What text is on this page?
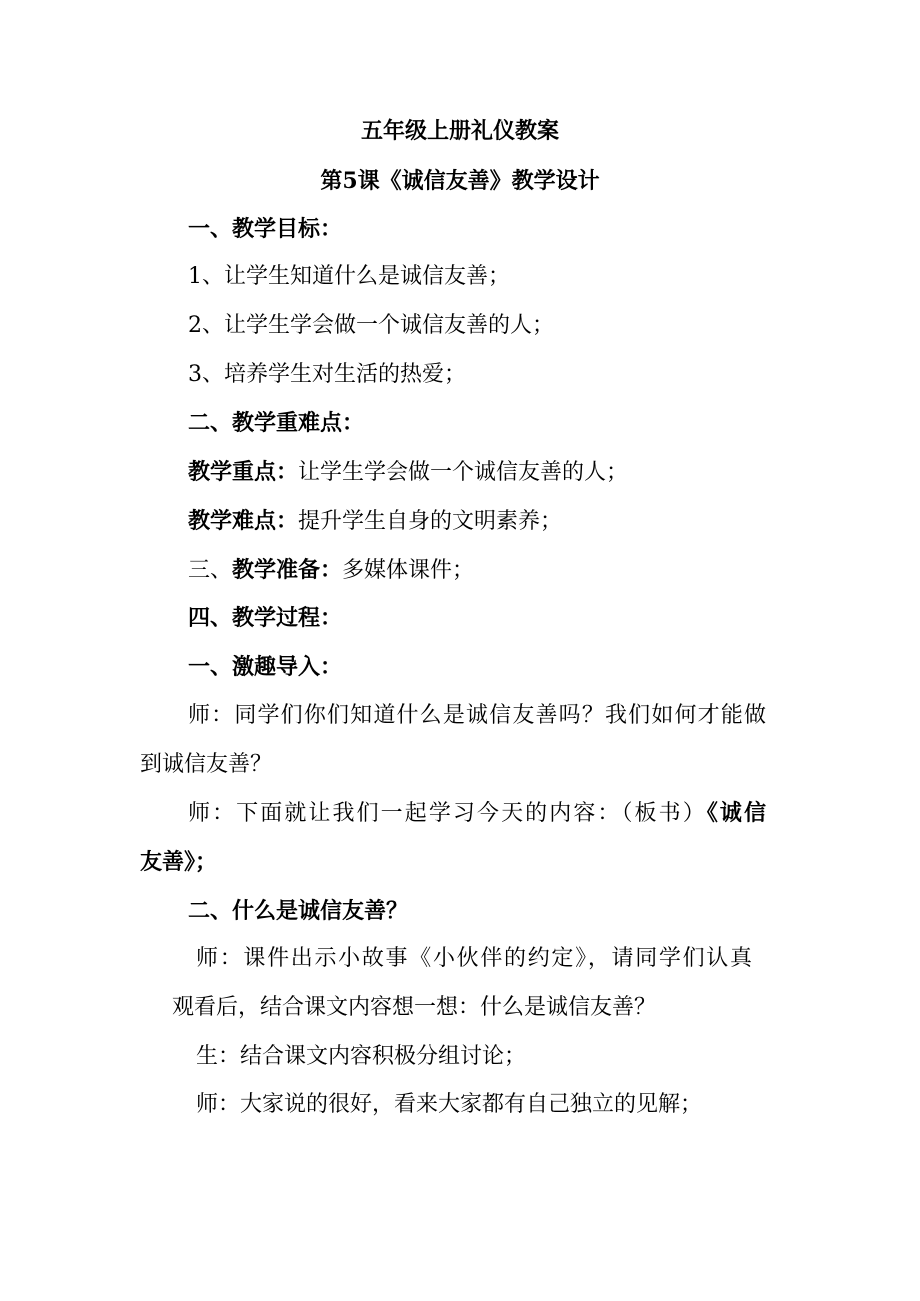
五年级上册礼仪教案
第5课《诚信友善》教学设计
一、教学目标：
1、让学生知道什么是诚信友善；
2、让学生学会做一个诚信友善的人；
3、培养学生对生活的热爱；
二、教学重难点：
教学重点：让学生学会做一个诚信友善的人；
教学难点：提升学生自身的文明素养；
三、教学准备：多媒体课件；
四、教学过程：
一、激趣导入：
师：同学们你们知道什么是诚信友善吗？我们如何才能做
到诚信友善？
师：下面就让我们一起学习今天的内容：（板书）《诚信
友善》；
二、什么是诚信友善？
师：课件出示小故事《小伙伴的约定》，请同学们认真
观看后，结合课文内容想一想：什么是诚信友善？
生：结合课文内容积极分组讨论；
师：大家说的很好，看来大家都有自己独立的见解；
